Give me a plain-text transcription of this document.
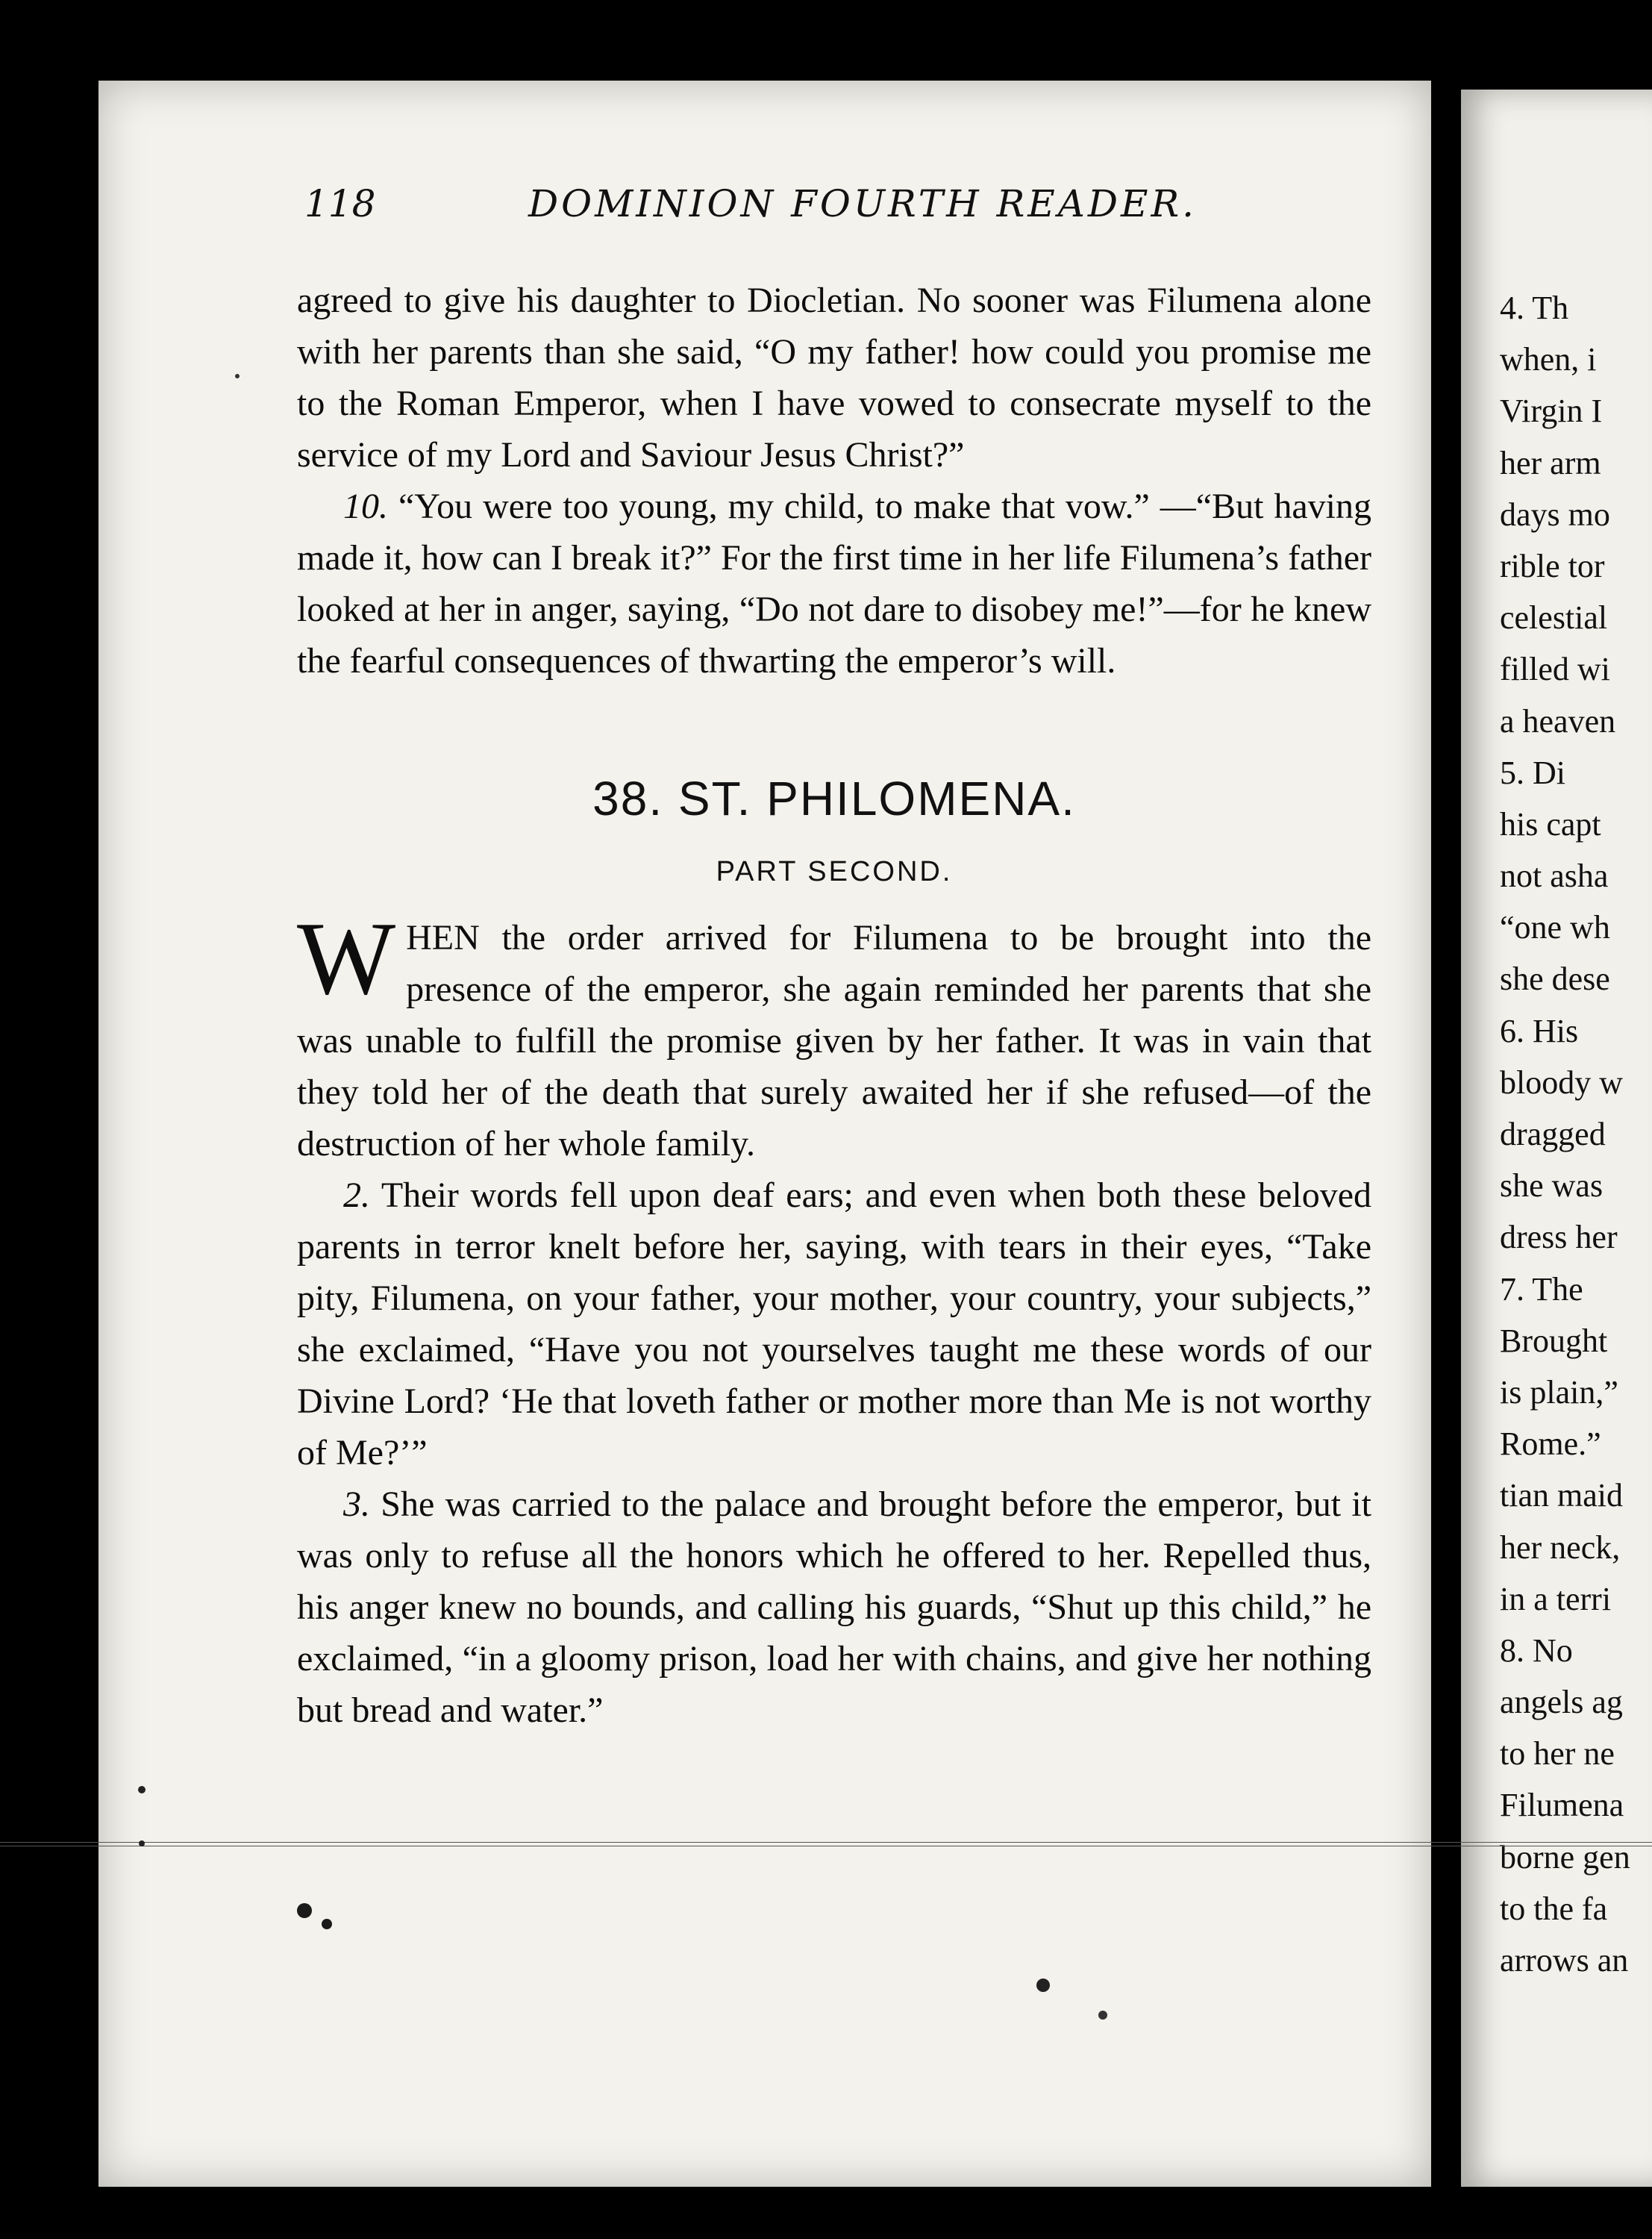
118	DOMINION FOURTH READER.

agreed to give his daughter to Diocletian. No sooner was Filumena alone with her parents than she said, “O my father! how could you promise me to the Roman Emperor, when I have vowed to consecrate myself to the service of my Lord and Saviour Jesus Christ?”

10. “You were too young, my child, to make that vow.” —“But having made it, how can I break it?” For the first time in her life Filumena’s father looked at her in anger, saying, “Do not dare to disobey me!”—for he knew the fearful consequences of thwarting the emperor’s will.

38. ST. PHILOMENA.
PART SECOND.

WHEN the order arrived for Filumena to be brought into the presence of the emperor, she again reminded her parents that she was unable to fulfill the promise given by her father. It was in vain that they told her of the death that surely awaited her if she refused—of the destruction of her whole family.

2. Their words fell upon deaf ears; and even when both these beloved parents in terror knelt before her, saying, with tears in their eyes, “Take pity, Filumena, on your father, your mother, your country, your subjects,” she exclaimed, “Have you not yourselves taught me these words of our Divine Lord? ‘He that loveth father or mother more than Me is not worthy of Me?’”

3. She was carried to the palace and brought before the emperor, but it was only to refuse all the honors which he offered to her. Repelled thus, his anger knew no bounds, and calling his guards, “Shut up this child,” he exclaimed, “in a gloomy prison, load her with chains, and give her nothing but bread and water.”

4. Th
when, i
Virgin I
her arm
days mo
rible tor
celestial
filled wi
a heaven
5. Di
his capt
not asha
“one wh
she dese
6. His
bloody w
dragged
she was
dress her
7. The
Brought
is plain,”
Rome.”
tian maid
her neck,
in a terri
8. No
angels ag
to her ne
Filumena
borne gen
to the fa
arrows an
